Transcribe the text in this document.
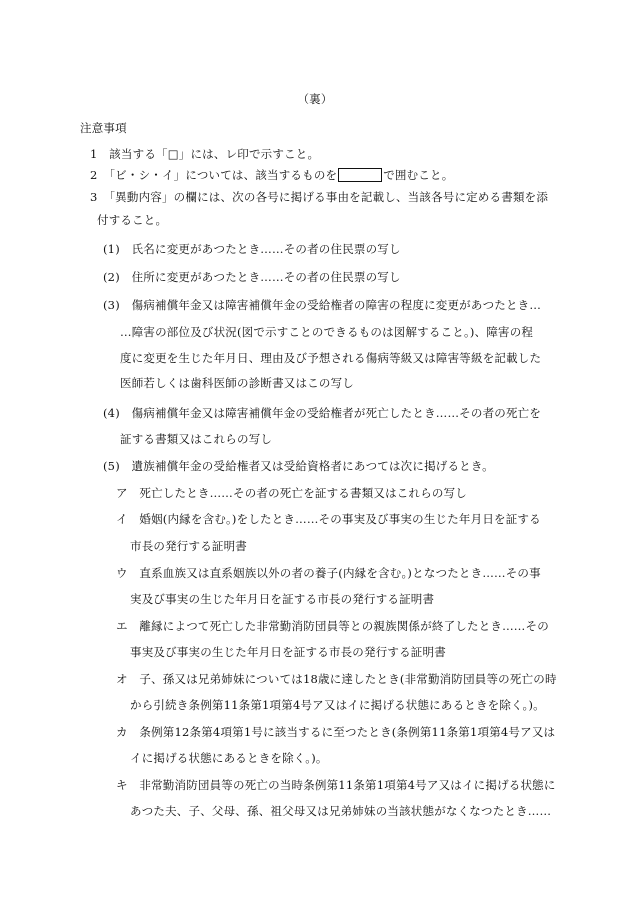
（裏）
注意事項
1　該当する「□」には、レ印で示すこと。
2　「ビ・シ・イ」については、該当するものを	で囲むこと。
3　「異動内容」の欄には、次の各号に掲げる事由を記載し、当該各号に定める書類を添
付すること。
(1)　氏名に変更があつたとき……その者の住民票の写し
(2)　住所に変更があつたとき……その者の住民票の写し
(3)　傷病補償年金又は障害補償年金の受給権者の障害の程度に変更があつたとき…
…障害の部位及び状況(図で示すことのできるものは図解すること。)、障害の程
度に変更を生じた年月日、理由及び予想される傷病等級又は障害等級を記載した
医師若しくは歯科医師の診断書又はこの写し
(4)　傷病補償年金又は障害補償年金の受給権者が死亡したとき……その者の死亡を
証する書類又はこれらの写し
(5)　遺族補償年金の受給権者又は受給資格者にあつては次に掲げるとき。
ア　死亡したとき……その者の死亡を証する書類又はこれらの写し
イ　婚姻(内縁を含む。)をしたとき……その事実及び事実の生じた年月日を証する
市長の発行する証明書
ウ　直系血族又は直系姻族以外の者の養子(内縁を含む。)となつたとき……その事
実及び事実の生じた年月日を証する市長の発行する証明書
エ　離縁によつて死亡した非常勤消防団員等との親族関係が終了したとき……その
事実及び事実の生じた年月日を証する市長の発行する証明書
オ　子、孫又は兄弟姉妹については18歳に達したとき(非常勤消防団員等の死亡の時
から引続き条例第11条第1項第4号ア又はイに掲げる状態にあるときを除く。)。
カ　条例第12条第4項第1号に該当するに至つたとき(条例第11条第1項第4号ア又は
イに掲げる状態にあるときを除く。)。
キ　非常勤消防団員等の死亡の当時条例第11条第1項第4号ア又はイに掲げる状態に
あつた夫、子、父母、孫、祖父母又は兄弟姉妹の当該状態がなくなつたとき……
